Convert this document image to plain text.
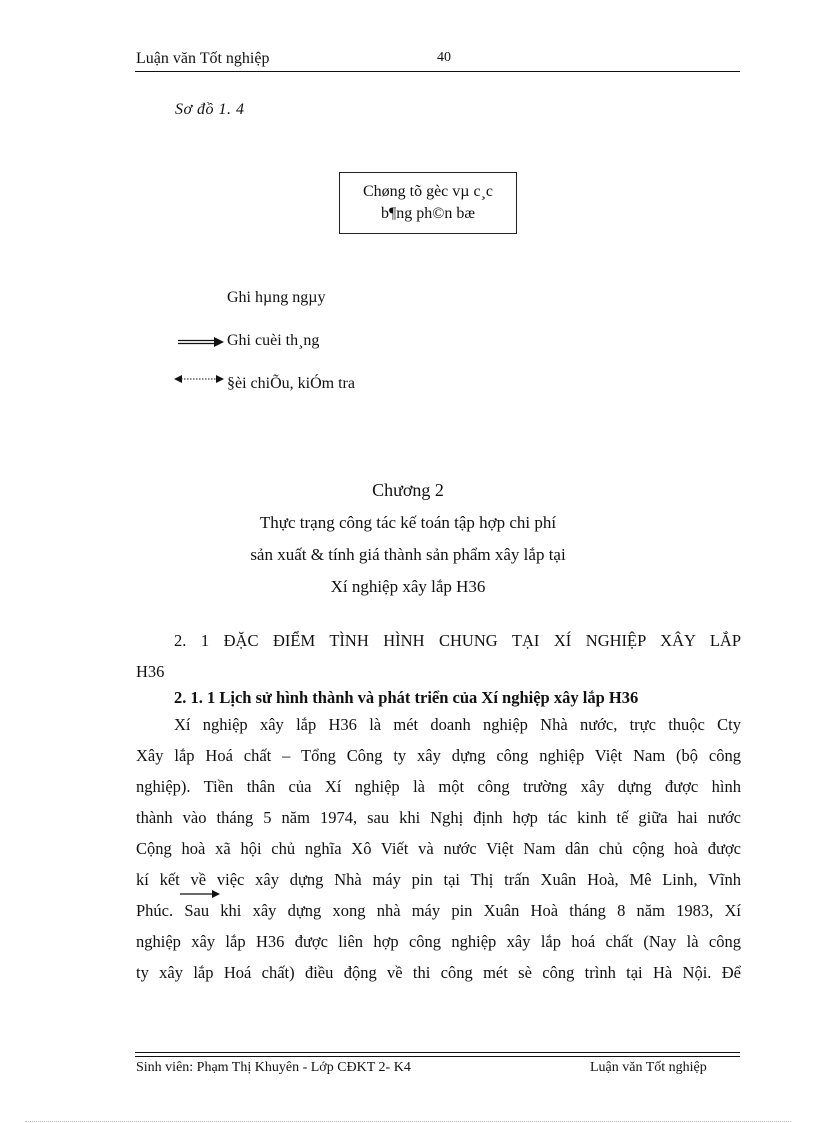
Luận văn Tốt nghiệp	40
Sơ đồ 1. 4
Chøng tõ gèc vµ c¸c
b¶ng ph©n bæ
Ghi hµng ngµy
Ghi cuèi th¸ng
§èi chiÕu, kiÓm tra
Chương 2
Thực trạng công tác kế toán tập hợp chi phí
sản xuất & tính giá thành sản phẩm xây lắp tại
Xí nghiệp xây lắp H36
2. 1 ĐẶC ĐIỂM TÌNH HÌNH CHUNG TẠI XÍ NGHIỆP XÂY LẮP
H36
2. 1. 1 Lịch sử hình thành và phát triển của Xí nghiệp xây lắp H36
Xí nghiệp xây lắp H36 là mét doanh nghiệp Nhà nước, trực thuộc Cty
Xây lắp Hoá chất – Tổng Công ty xây dựng công nghiệp Việt Nam (bộ công
nghiệp). Tiền thân của Xí nghiệp là một công trường xây dựng được hình
thành vào tháng 5 năm 1974, sau khi Nghị định hợp tác kinh tế giữa hai nước
Cộng hoà xã hội chủ nghĩa Xô Viết và nước Việt Nam dân chủ cộng hoà được
kí kết về việc xây dựng Nhà máy pin tại Thị trấn Xuân Hoà, Mê Linh, Vĩnh
Phúc. Sau khi xây dựng xong nhà máy pin Xuân Hoà tháng 8 năm 1983, Xí
nghiệp xây lắp H36 được liên hợp công nghiệp xây lắp hoá chất (Nay là công
ty xây lắp Hoá chất) điều động về thi công mét sè công trình tại Hà Nội. Để
Sinh viên: Phạm Thị Khuyên - Lớp CĐKT 2- K4	Luận văn Tốt nghiệp
